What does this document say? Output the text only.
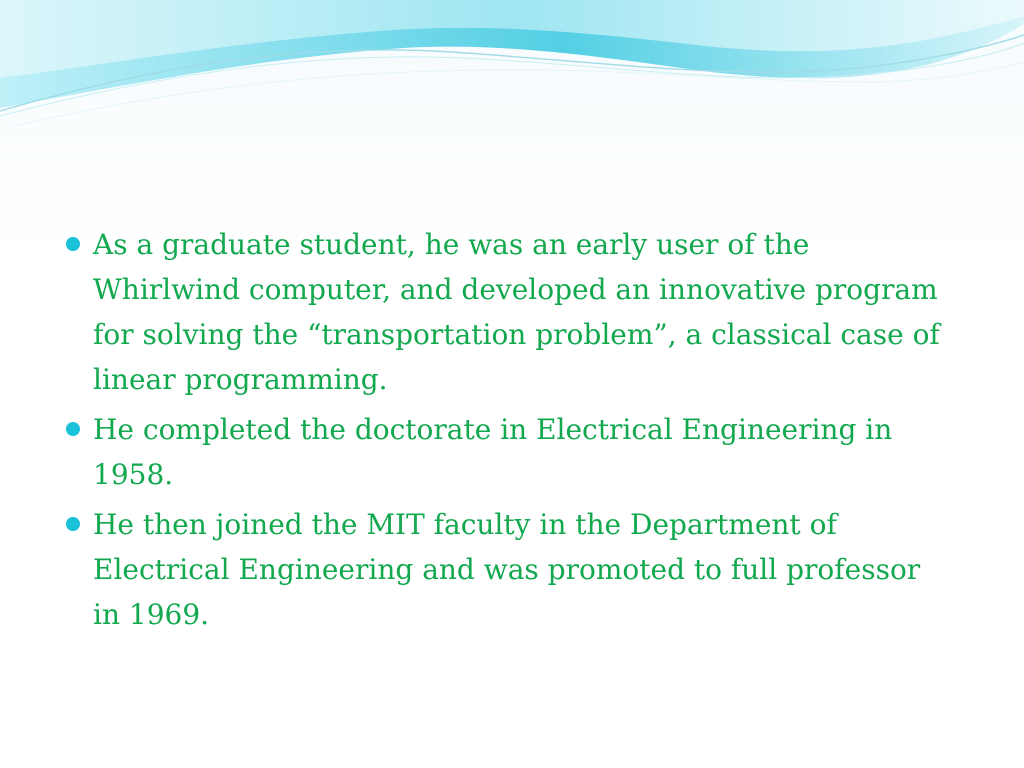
As a graduate student, he was an early user of the Whirlwind computer, and developed an innovative program for solving the “transportation problem”, a classical case of linear programming.
He completed the doctorate in Electrical Engineering in 1958.
He then joined the MIT faculty in the Department of Electrical Engineering and was promoted to full professor in 1969.
